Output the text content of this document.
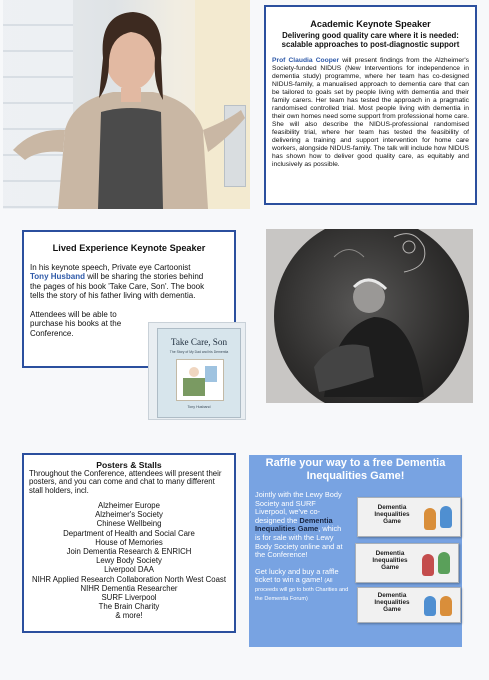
Academic Keynote Speaker
Delivering good quality care where it is needed: scalable approaches to post-diagnostic support

Prof Claudia Cooper will present findings from the Alzheimer's Society-funded NIDUS (New Interventions for independence in dementia study) programme, where her team has co-designed NIDUS-family, a manualised approach to dementia care that can be tailored to goals set by people living with dementia and their family carers. Her team has tested the approach in a pragmatic randomised controlled trial. Most people living with dementia in their own homes need some support from professional home care. She will also describe the NIDUS-professional randomised feasibility trial, where her team has tested the feasibility of delivering a training and support intervention for home care workers, alongside NIDUS-family. The talk will include how NIDUS has shown how to deliver good quality care, as equitably and inclusively as possible.

Lived Experience Keynote Speaker

In his keynote speech, Private eye Cartoonist Tony Husband will be sharing the stories behind the pages of his book 'Take Care, Son'. The book tells the story of his father living with dementia.

Attendees will be able to purchase his books at the Conference.

Take Care, Son
The Story of My Dad and his Dementia
Tony Husband
Posters & Stalls

Throughout the Conference, attendees will present their posters, and you can come and chat to many different stall holders, incl.

Alzheimer Europe
Alzheimer's Society
Chinese Wellbeing
Department of Health and Social Care
House of Memories
Join Dementia Research & ENRICH
Lewy Body Society
Liverpool DAA
NIHR Applied Research Collaboration North West Coast
NIHR Dementia Researcher
SURF Liverpool
The Brain Charity
& more!
Raffle your way to a free Dementia Inequalities Game!

Jointly with the Lewy Body Society and SURF Liverpool, we've co-designed the Dementia Inequalities Game, which is for sale with the Lewy Body Society online and at the Conference!

Get lucky and buy a raffle ticket to win a game! (All proceeds will go to both Charities and the Dementia Forum)

Dementia Inequalities Game
Dementia Inequalities Game
Dementia Inequalities Game
